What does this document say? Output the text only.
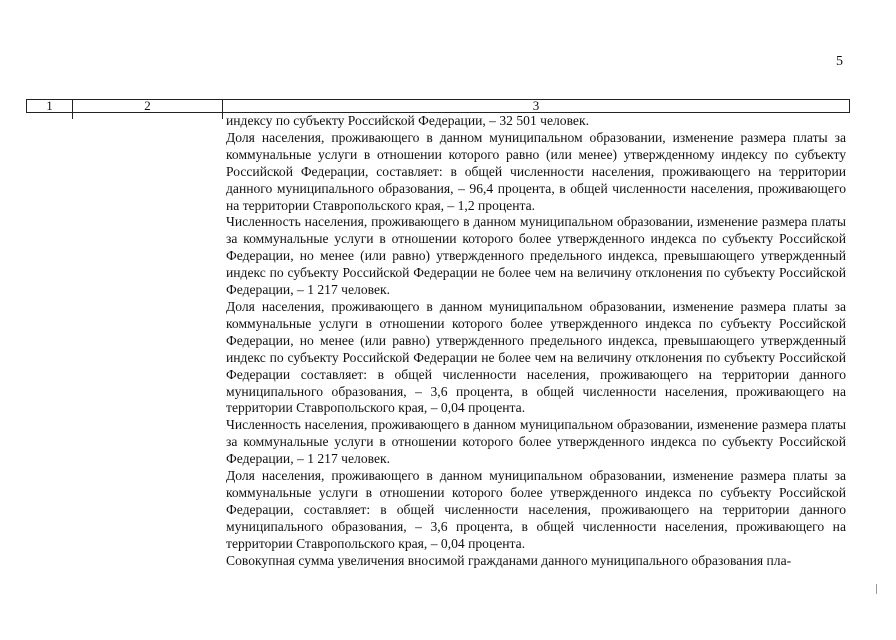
5
1	2	3

индексу по субъекту Российской Федерации, – 32 501 человек.

Доля населения, проживающего в данном муниципальном образовании, изменение размера платы за коммунальные услуги в отношении которого равно (или менее) утвержденному индексу по субъекту Российской Федерации, составляет: в общей численности населения, проживающего на территории данного муниципального образования, – 96,4 процента, в общей численности населения, проживающего на территории Ставропольского края, – 1,2 процента.

Численность населения, проживающего в данном муниципальном образовании, изменение размера платы за коммунальные услуги в отношении которого более утвержденного индекса по субъекту Российской Федерации, но менее (или равно) утвержденного предельного индекса, превышающего утвержденный индекс по субъекту Российской Федерации не более чем на величину отклонения по субъекту Российской Федерации, – 1 217 человек.

Доля населения, проживающего в данном муниципальном образовании, изменение размера платы за коммунальные услуги в отношении которого более утвержденного индекса по субъекту Российской Федерации, но менее (или равно) утвержденного предельного индекса, превышающего утвержденный индекс по субъекту Российской Федерации не более чем на величину отклонения по субъекту Российской Федерации составляет: в общей численности населения, проживающего на территории данного муниципального образования, – 3,6 процента, в общей численности населения, проживающего на территории Ставропольского края, – 0,04 процента.

Численность населения, проживающего в данном муниципальном образовании, изменение размера платы за коммунальные услуги в отношении которого более утвержденного индекса по субъекту Российской Федерации, – 1 217 человек.

Доля населения, проживающего в данном муниципальном образовании, изменение размера платы за коммунальные услуги в отношении которого более утвержденного индекса по субъекту Российской Федерации, составляет: в общей численности населения, проживающего на территории данного муниципального образования, – 3,6 процента, в общей численности населения, проживающего на территории Ставропольского края, – 0,04 процента.

Совокупная сумма увеличения вносимой гражданами данного муниципального образования пла-
